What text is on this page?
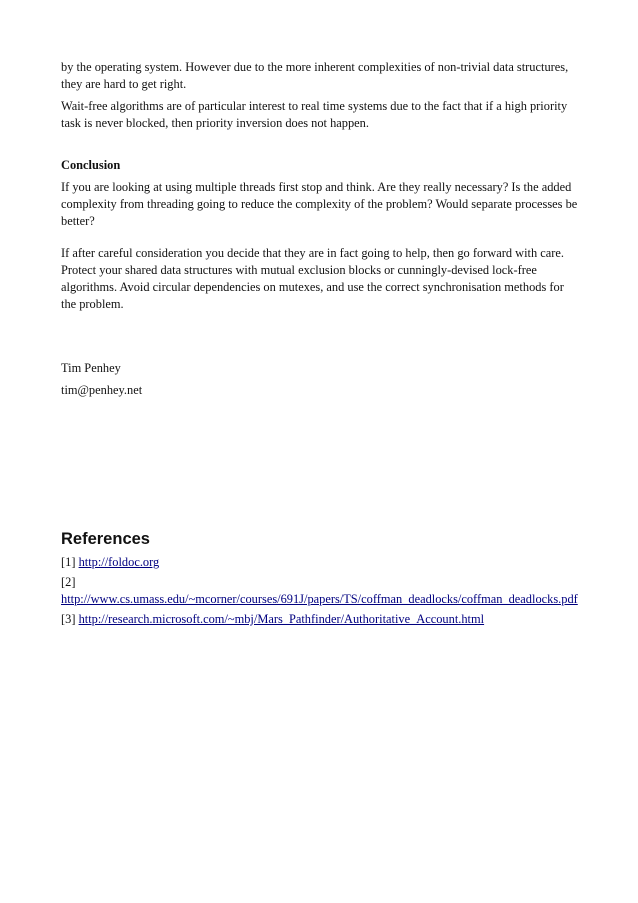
by the operating system. However due to the more inherent complexities of non-trivial data structures, they are hard to get right.

Wait-free algorithms are of particular interest to real time systems due to the fact that if a high priority task is never blocked, then priority inversion does not happen.

Conclusion

If you are looking at using multiple threads first stop and think. Are they really necessary? Is the added complexity from threading going to reduce the complexity of the problem? Would separate processes be better?

If after careful consideration you decide that they are in fact going to help, then go forward with care. Protect your shared data structures with mutual exclusion blocks or cunningly-devised lock-free algorithms. Avoid circular dependencies on mutexes, and use the correct synchronisation methods for the problem.

Tim Penhey

tim@penhey.net

References

[1] http://foldoc.org

[2]
http://www.cs.umass.edu/~mcorner/courses/691J/papers/TS/coffman_deadlocks/coffman_deadlocks.pdf

[3] http://research.microsoft.com/~mbj/Mars_Pathfinder/Authoritative_Account.html
